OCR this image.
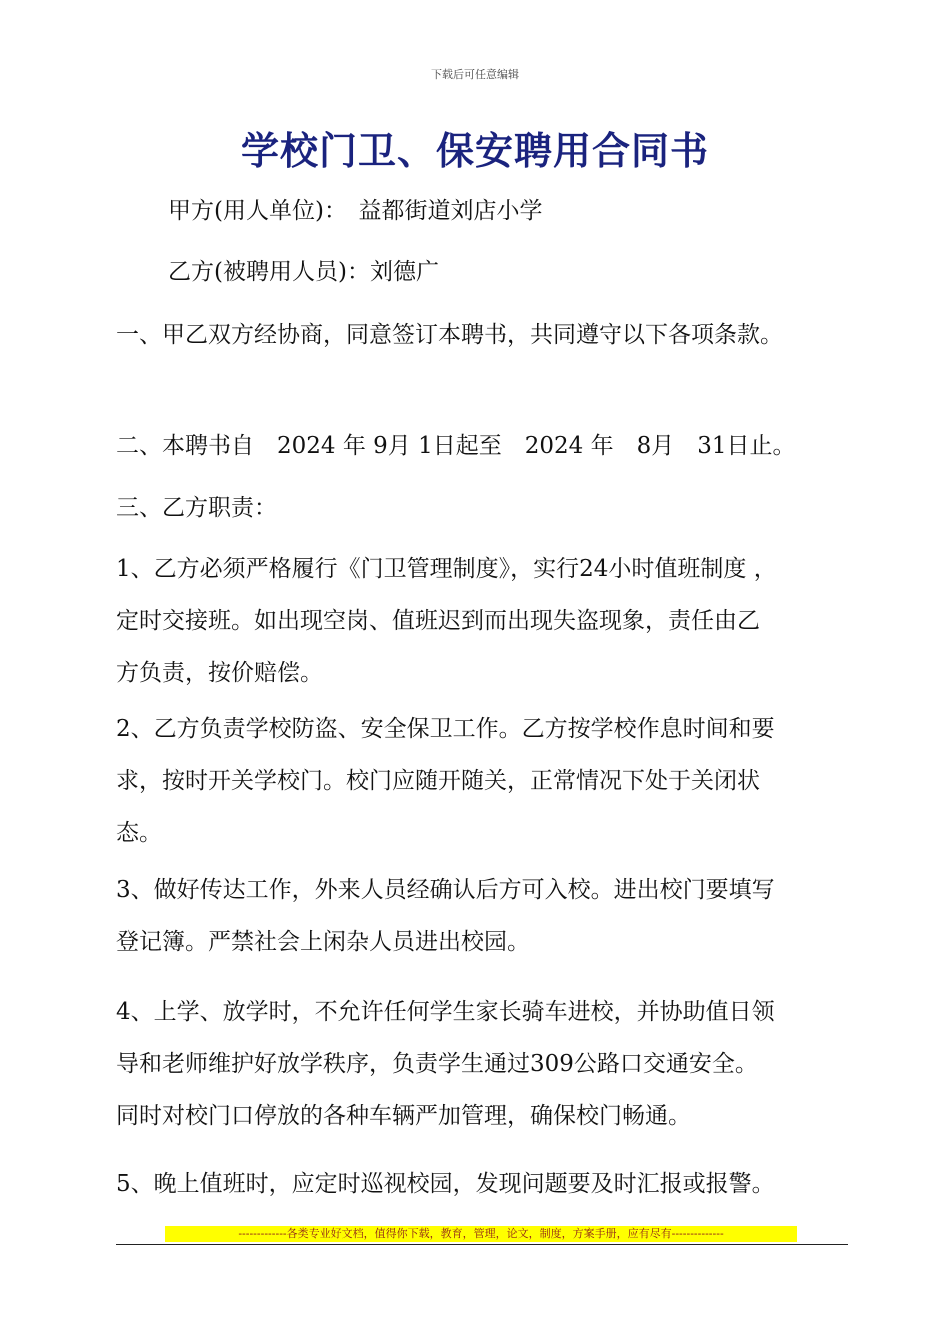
下载后可任意编辑
学校门卫、保安聘用合同书
甲方(用人单位)：　益都街道刘店小学
乙方(被聘用人员)：刘德广
一、甲乙双方经协商，同意签订本聘书，共同遵守以下各项条款。
二、本聘书自　2024 年 9月 1日起至　2024 年　8月　31日止。
三、乙方职责：
1、乙方必须严格履行《门卫管理制度》，实行24小时值班制度 ，
定时交接班。如出现空岗、值班迟到而出现失盗现象，责任由乙
方负责，按价赔偿。
2、乙方负责学校防盗、安全保卫工作。乙方按学校作息时间和要
求，按时开关学校门。校门应随开随关，正常情况下处于关闭状
态。
3、做好传达工作，外来人员经确认后方可入校。进出校门要填写
登记簿。严禁社会上闲杂人员进出校园。
4、上学、放学时，不允许任何学生家长骑车进校，并协助值日领
导和老师维护好放学秩序，负责学生通过309公路口交通安全。
同时对校门口停放的各种车辆严加管理，确保校门畅通。
5、晚上值班时，应定时巡视校园，发现问题要及时汇报或报警。
-------------各类专业好文档，值得你下载，教育，管理，论文，制度，方案手册，应有尽有--------------
